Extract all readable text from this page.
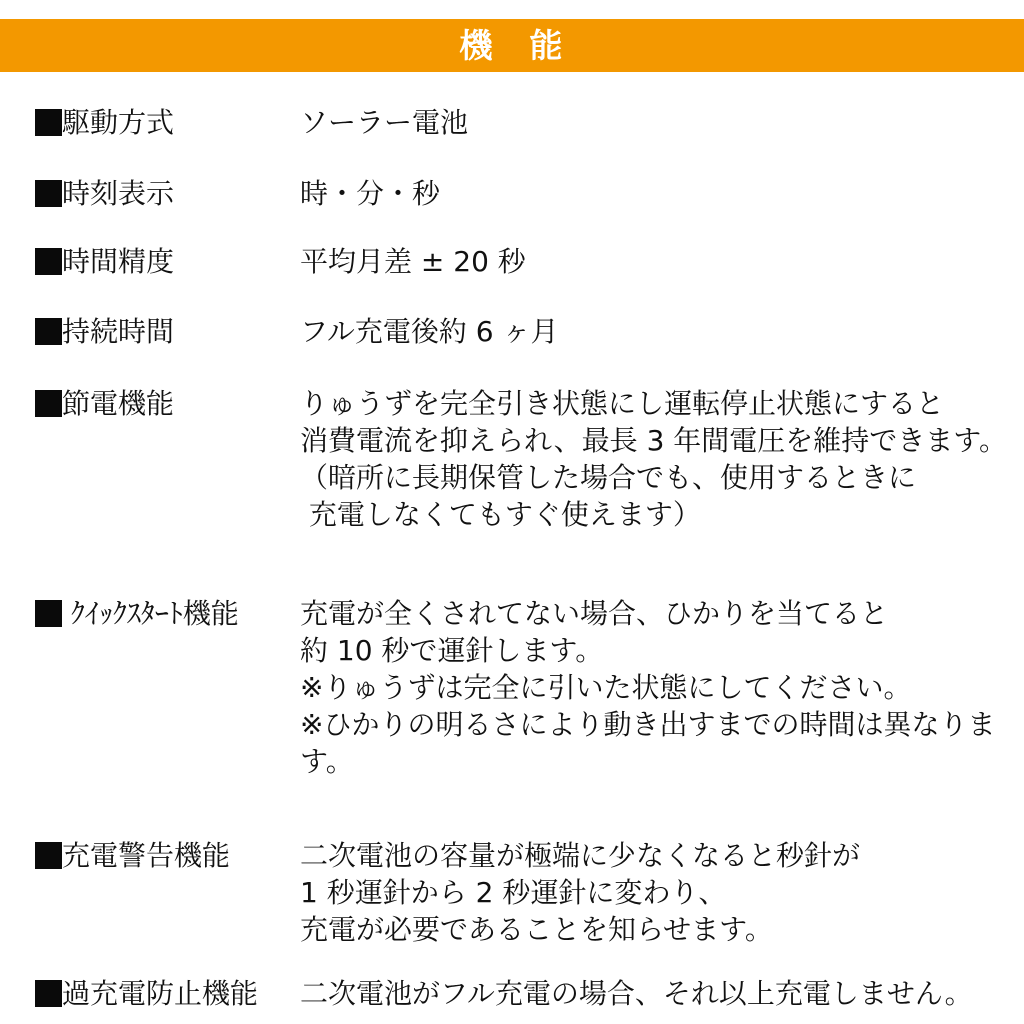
機　能
駆動方式	ソーラー電池
時刻表示	時・分・秒
時間精度	平均月差 ± 20 秒
持続時間	フル充電後約 6 ヶ月
節電機能	りゅうずを完全引き状態にし運転停止状態にすると
消費電流を抑えられ、最長 3 年間電圧を維持できます。
（暗所に長期保管した場合でも、使用するときに
充電しなくてもすぐ使えます）
ｸｲｯｸｽﾀｰﾄ機能 充電が全くされてない場合、ひかりを当てると
約 10 秒で運針します。
※りゅうずは完全に引いた状態にしてください。
※ひかりの明るさにより動き出すまでの時間は異なります。
充電警告機能 二次電池の容量が極端に少なくなると秒針が
1 秒運針から 2 秒運針に変わり、
充電が必要であることを知らせます。
過充電防止機能 二次電池がフル充電の場合、それ以上充電しません。
